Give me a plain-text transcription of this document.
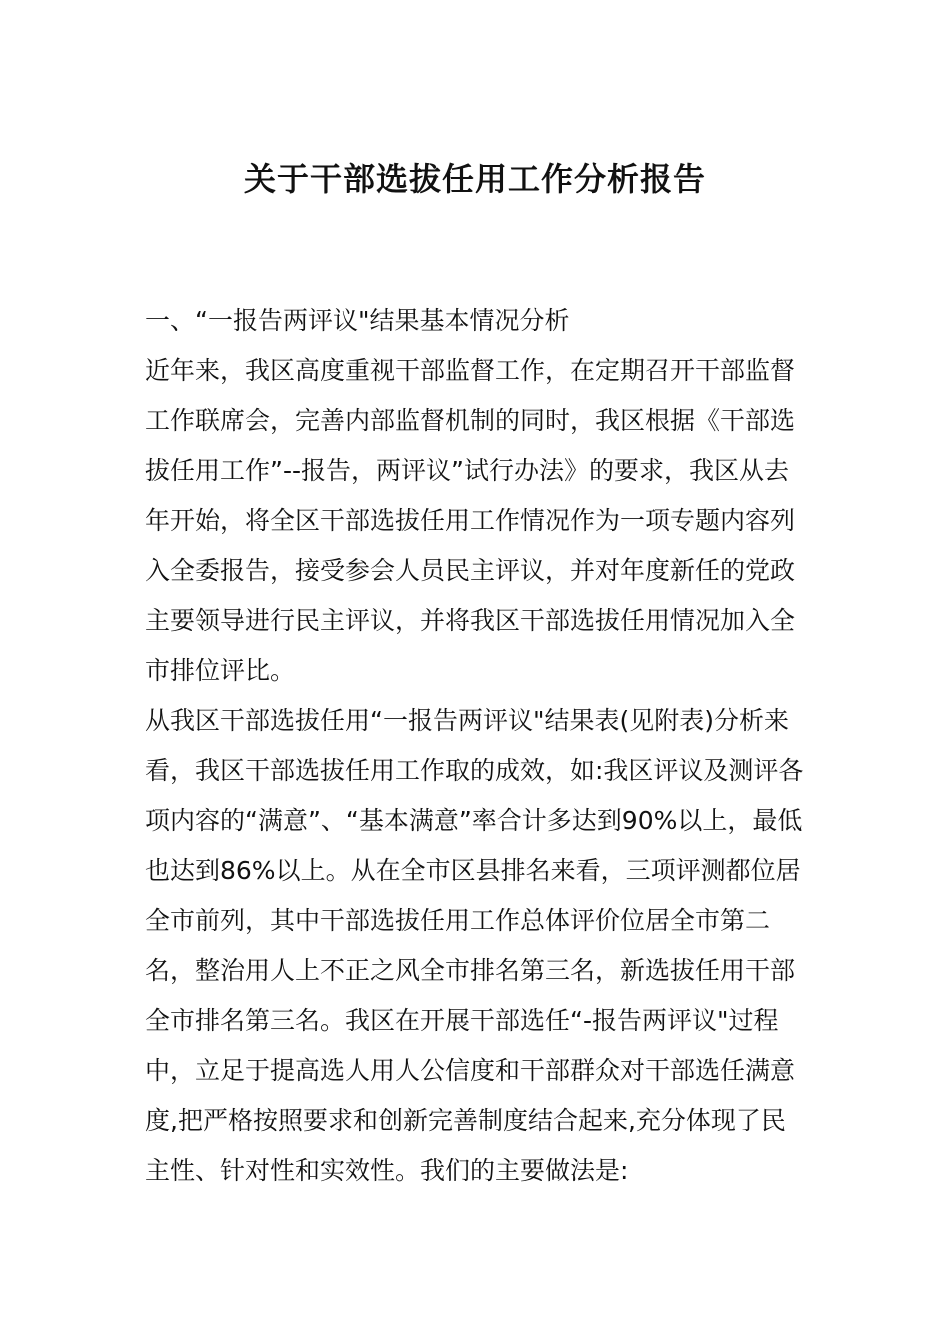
关于干部选拔任用工作分析报告

一、“一报告两评议"结果基本情况分析

近年来，我区高度重视干部监督工作，在定期召开干部监督工作联席会，完善内部监督机制的同时，我区根据《干部选拔任用工作”--报告，两评议”试行办法》的要求，我区从去年开始，将全区干部选拔任用工作情况作为一项专题内容列入全委报告，接受参会人员民主评议，并对年度新任的党政主要领导进行民主评议，并将我区干部选拔任用情况加入全市排位评比。

从我区干部选拔任用“一报告两评议"结果表(见附表)分析来看，我区干部选拔任用工作取的成效，如:我区评议及测评各项内容的“满意”、“基本满意”率合计多达到90%以上，最低也达到86%以上。从在全市区县排名来看，三项评测都位居全市前列，其中干部选拔任用工作总体评价位居全市第二名，整治用人上不正之风全市排名第三名，新选拔任用干部全市排名第三名。我区在开展干部选任“-报告两评议"过程中，立足于提高选人用人公信度和干部群众对干部选任满意度,把严格按照要求和创新完善制度结合起来,充分体现了民主性、针对性和实效性。我们的主要做法是:
